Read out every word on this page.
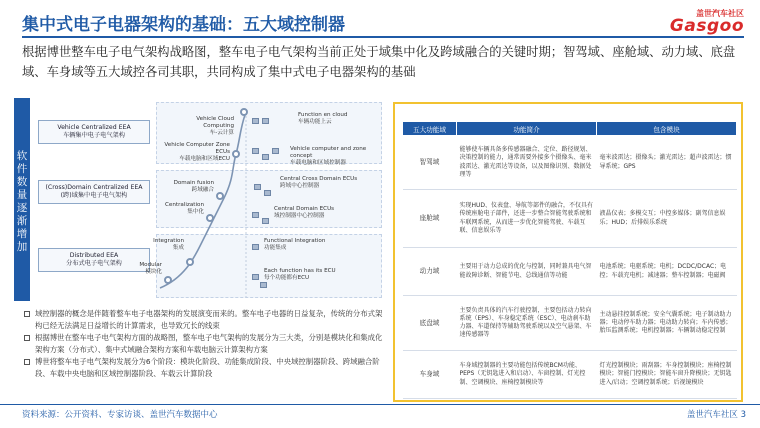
集中式电子电器架构的基础：五大域控制器
盖世汽车社区
Gasgoo
根据博世整车电子电气架构战略图，整车电子电气架构当前正处于域集中化及跨域融合的关键时期；智驾域、座舱域、动力域、底盘域、车身域等五大域控各司其职，共同构成了集中式电子电器架构的基础
软件数量逐渐增加
Vehicle Centralized EEA
车辆集中电子电气架构
(Cross)Domain Centralized EEA
(跨)域集中电子电气架构
Distributed EEA
分布式电子电气架构
Vehicle Cloud Computing
车-云计算
Vehicle Computer Zone ECUs
车载电脑和区域ECU
Domain fusion
跨域融合
Centralization
集中化
Integration
集成
Modular
模块化
Function en cloud
车辆功能上云
Vehicle computer and zone concept
车载电脑和区域控制器
Central Cross Domain ECUs
跨域中心控制器
Central Domain ECUs
域控制器中心控制器
Functional Integration
功能集成
Each function has its ECU
每个功能都有ECU
域控制器的概念是伴随着整车电子电器架构的发展演变而来的。整车电子电器的日益复杂，传统的分布式架构已经无法满足日益增长的计算需求，也导致冗长的线束
根据博世在整车电子电气架构方面的战略图，整车电子电气架构的发展分为三大类，分别是模块化和集成化架构方案（分布式）、集中式域融合架构方案和车载电脑云计算架构方案
博世将整车电子电气架构发展分为6个阶段：模块化阶段、功能集成阶段、中央域控制器阶段、跨域融合阶段、车载中央电脑和区域控制器阶段、车载云计算阶段
五大功能域	功能简介	包含模块
智驾域	能够使车辆具备多传感器融合、定位、路径规划、决策控制的能力，通常需要外接多个摄像头、毫米波雷达、激光雷达等设备，以及图像识别、数据处理等	毫米波雷达；摄像头；激光雷达；超声波雷达；惯导系统；GPS
座舱域	实现HUD、仪表盘、导航等部件的融合，不仅具有传统座舱电子部件，还进一步整合智能驾驶系统和车联网系统，从而进一步优化智能驾驶、车载互联、信息娱乐等	液晶仪表；多模交互；中控多媒体；副驾信息娱乐；HUD；后排娱乐系统
动力域	主要用于动力总成的优化与控制，同时兼具电气智能故障诊断、智能节电、总线通信等功能	电池系统；电驱系统；电机；DCDC/DCAC；电控；车载充电机；减速器；整车控制器；电磁阀
底盘域	主要负责具体的汽车行驶控制，主要包括动力转向系统（EPS）、车身稳定系统（ESC）、电动刹车助力器、车道保持等辅助驾驶系统以及空气悬架、车速传感器等	主动悬挂控制系统；安全气囊系统；电子制动助力器；电动停车助力器；电动助力转向；车内传感；胎压监测系统；电机控制器；车辆制动稳定控制
车身域	车身域控制器的主要功能包括传统BCM功能、PEPS（无钥匙进入和启动）、车窗控制、灯光控制、空调模块、座椅控制模块等	灯光控制模块；雨刮器；车身控制模块；座椅控制模块；智能门控模块；智能车窗升降模块；无钥匙进入/启动；空调控制系统；后视镜模块
资料来源：公开资料、专家访谈、盖世汽车数据中心	盖世汽车社区 3
